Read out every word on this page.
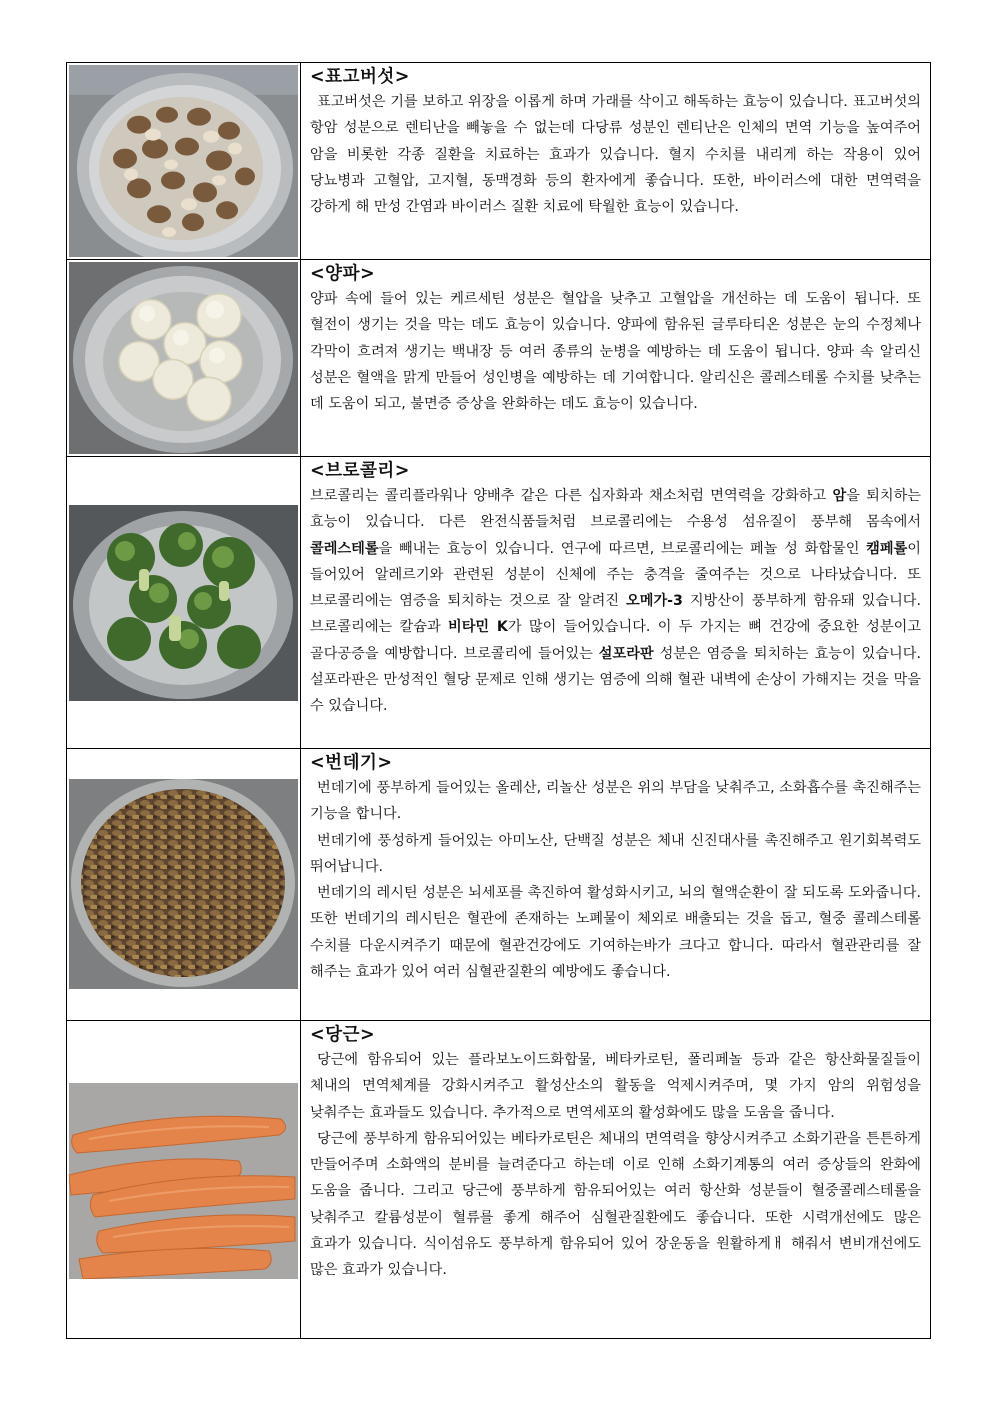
<표고버섯>

표고버섯은 기를 보하고 위장을 이롭게 하며 가래를 삭이고 해독하는 효능이 있습니다. 표고버섯의 항암 성분으로 렌티난을 빼놓을 수 없는데 다당류 성분인 렌티난은 인체의 면역 기능을 높여주어 암을 비롯한 각종 질환을 치료하는 효과가 있습니다. 혈지 수치를 내리게 하는 작용이 있어 당뇨병과 고혈압, 고지혈, 동맥경화 등의 환자에게 좋습니다. 또한, 바이러스에 대한 면역력을 강하게 해 만성 간염과 바이러스 질환 치료에 탁월한 효능이 있습니다.

<양파>

양파 속에 들어 있는 케르세틴 성분은 혈압을 낮추고 고혈압을 개선하는 데 도움이 됩니다. 또 혈전이 생기는 것을 막는 데도 효능이 있습니다. 양파에 함유된 글루타티온 성분은 눈의 수정체나 각막이 흐려져 생기는 백내장 등 여러 종류의 눈병을 예방하는 데 도움이 됩니다. 양파 속 알리신 성분은 혈액을 맑게 만들어 성인병을 예방하는 데 기여합니다. 알리신은 콜레스테롤 수치를 낮추는 데 도움이 되고, 불면증 증상을 완화하는 데도 효능이 있습니다.

<브로콜리>

브로콜리는 콜리플라워나 양배추 같은 다른 십자화과 채소처럼 면역력을 강화하고 암을 퇴치하는 효능이 있습니다. 다른 완전식품들처럼 브로콜리에는 수용성 섬유질이 풍부해 몸속에서 콜레스테롤을 빼내는 효능이 있습니다. 연구에 따르면, 브로콜리에는 페놀 성 화합물인 캠페롤이 들어있어 알레르기와 관련된 성분이 신체에 주는 충격을 줄여주는 것으로 나타났습니다. 또 브로콜리에는 염증을 퇴치하는 것으로 잘 알려진 오메가-3 지방산이 풍부하게 함유돼 있습니다. 브로콜리에는 칼슘과 비타민 K가 많이 들어있습니다. 이 두 가지는 뼈 건강에 중요한 성분이고 골다공증을 예방합니다. 브로콜리에 들어있는 설포라판 성분은 염증을 퇴치하는 효능이 있습니다. 설포라판은 만성적인 혈당 문제로 인해 생기는 염증에 의해 혈관 내벽에 손상이 가해지는 것을 막을 수 있습니다.

<번데기>

번데기에 풍부하게 들어있는 올레산, 리놀산 성분은 위의 부담을 낮춰주고, 소화흡수를 촉진해주는 기능을 합니다.

번데기에 풍성하게 들어있는 아미노산, 단백질 성분은 체내 신진대사를 촉진해주고 원기회복력도 뛰어납니다.

번데기의 레시틴 성분은 뇌세포를 촉진하여 활성화시키고, 뇌의 혈액순환이 잘 되도록 도와줍니다. 또한 번데기의 레시틴은 혈관에 존재하는 노폐물이 체외로 배출되는 것을 돕고, 혈중 콜레스테롤 수치를 다운시켜주기 때문에 혈관건강에도 기여하는바가 크다고 합니다. 따라서 혈관관리를 잘 해주는 효과가 있어 여러 심혈관질환의 예방에도 좋습니다.

<당근>

당근에 함유되어 있는 플라보노이드화합물, 베타카로틴, 폴리페놀 등과 같은 항산화물질들이 체내의 면역체계를 강화시켜주고 활성산소의 활동을 억제시켜주며, 몇 가지 암의 위험성을 낮춰주는 효과들도 있습니다. 추가적으로 면역세포의 활성화에도 많을 도움을 줍니다.

당근에 풍부하게 함유되어있는 베타카로틴은 체내의 면역력을 향상시켜주고 소화기관을 튼튼하게 만들어주며 소화액의 분비를 늘려준다고 하는데 이로 인해 소화기계통의 여러 증상들의 완화에 도움을 줍니다. 그리고 당근에 풍부하게 함유되어있는 여러 항산화 성분들이 혈중콜레스테롤을 낮춰주고 칼륨성분이 혈류를 좋게 해주어 심혈관질환에도 좋습니다. 또한 시력개선에도 많은 효과가 있습니다. 식이섬유도 풍부하게 함유되어 있어 장운동을 원활하게ㅐ 해줘서 변비개선에도 많은 효과가 있습니다.
